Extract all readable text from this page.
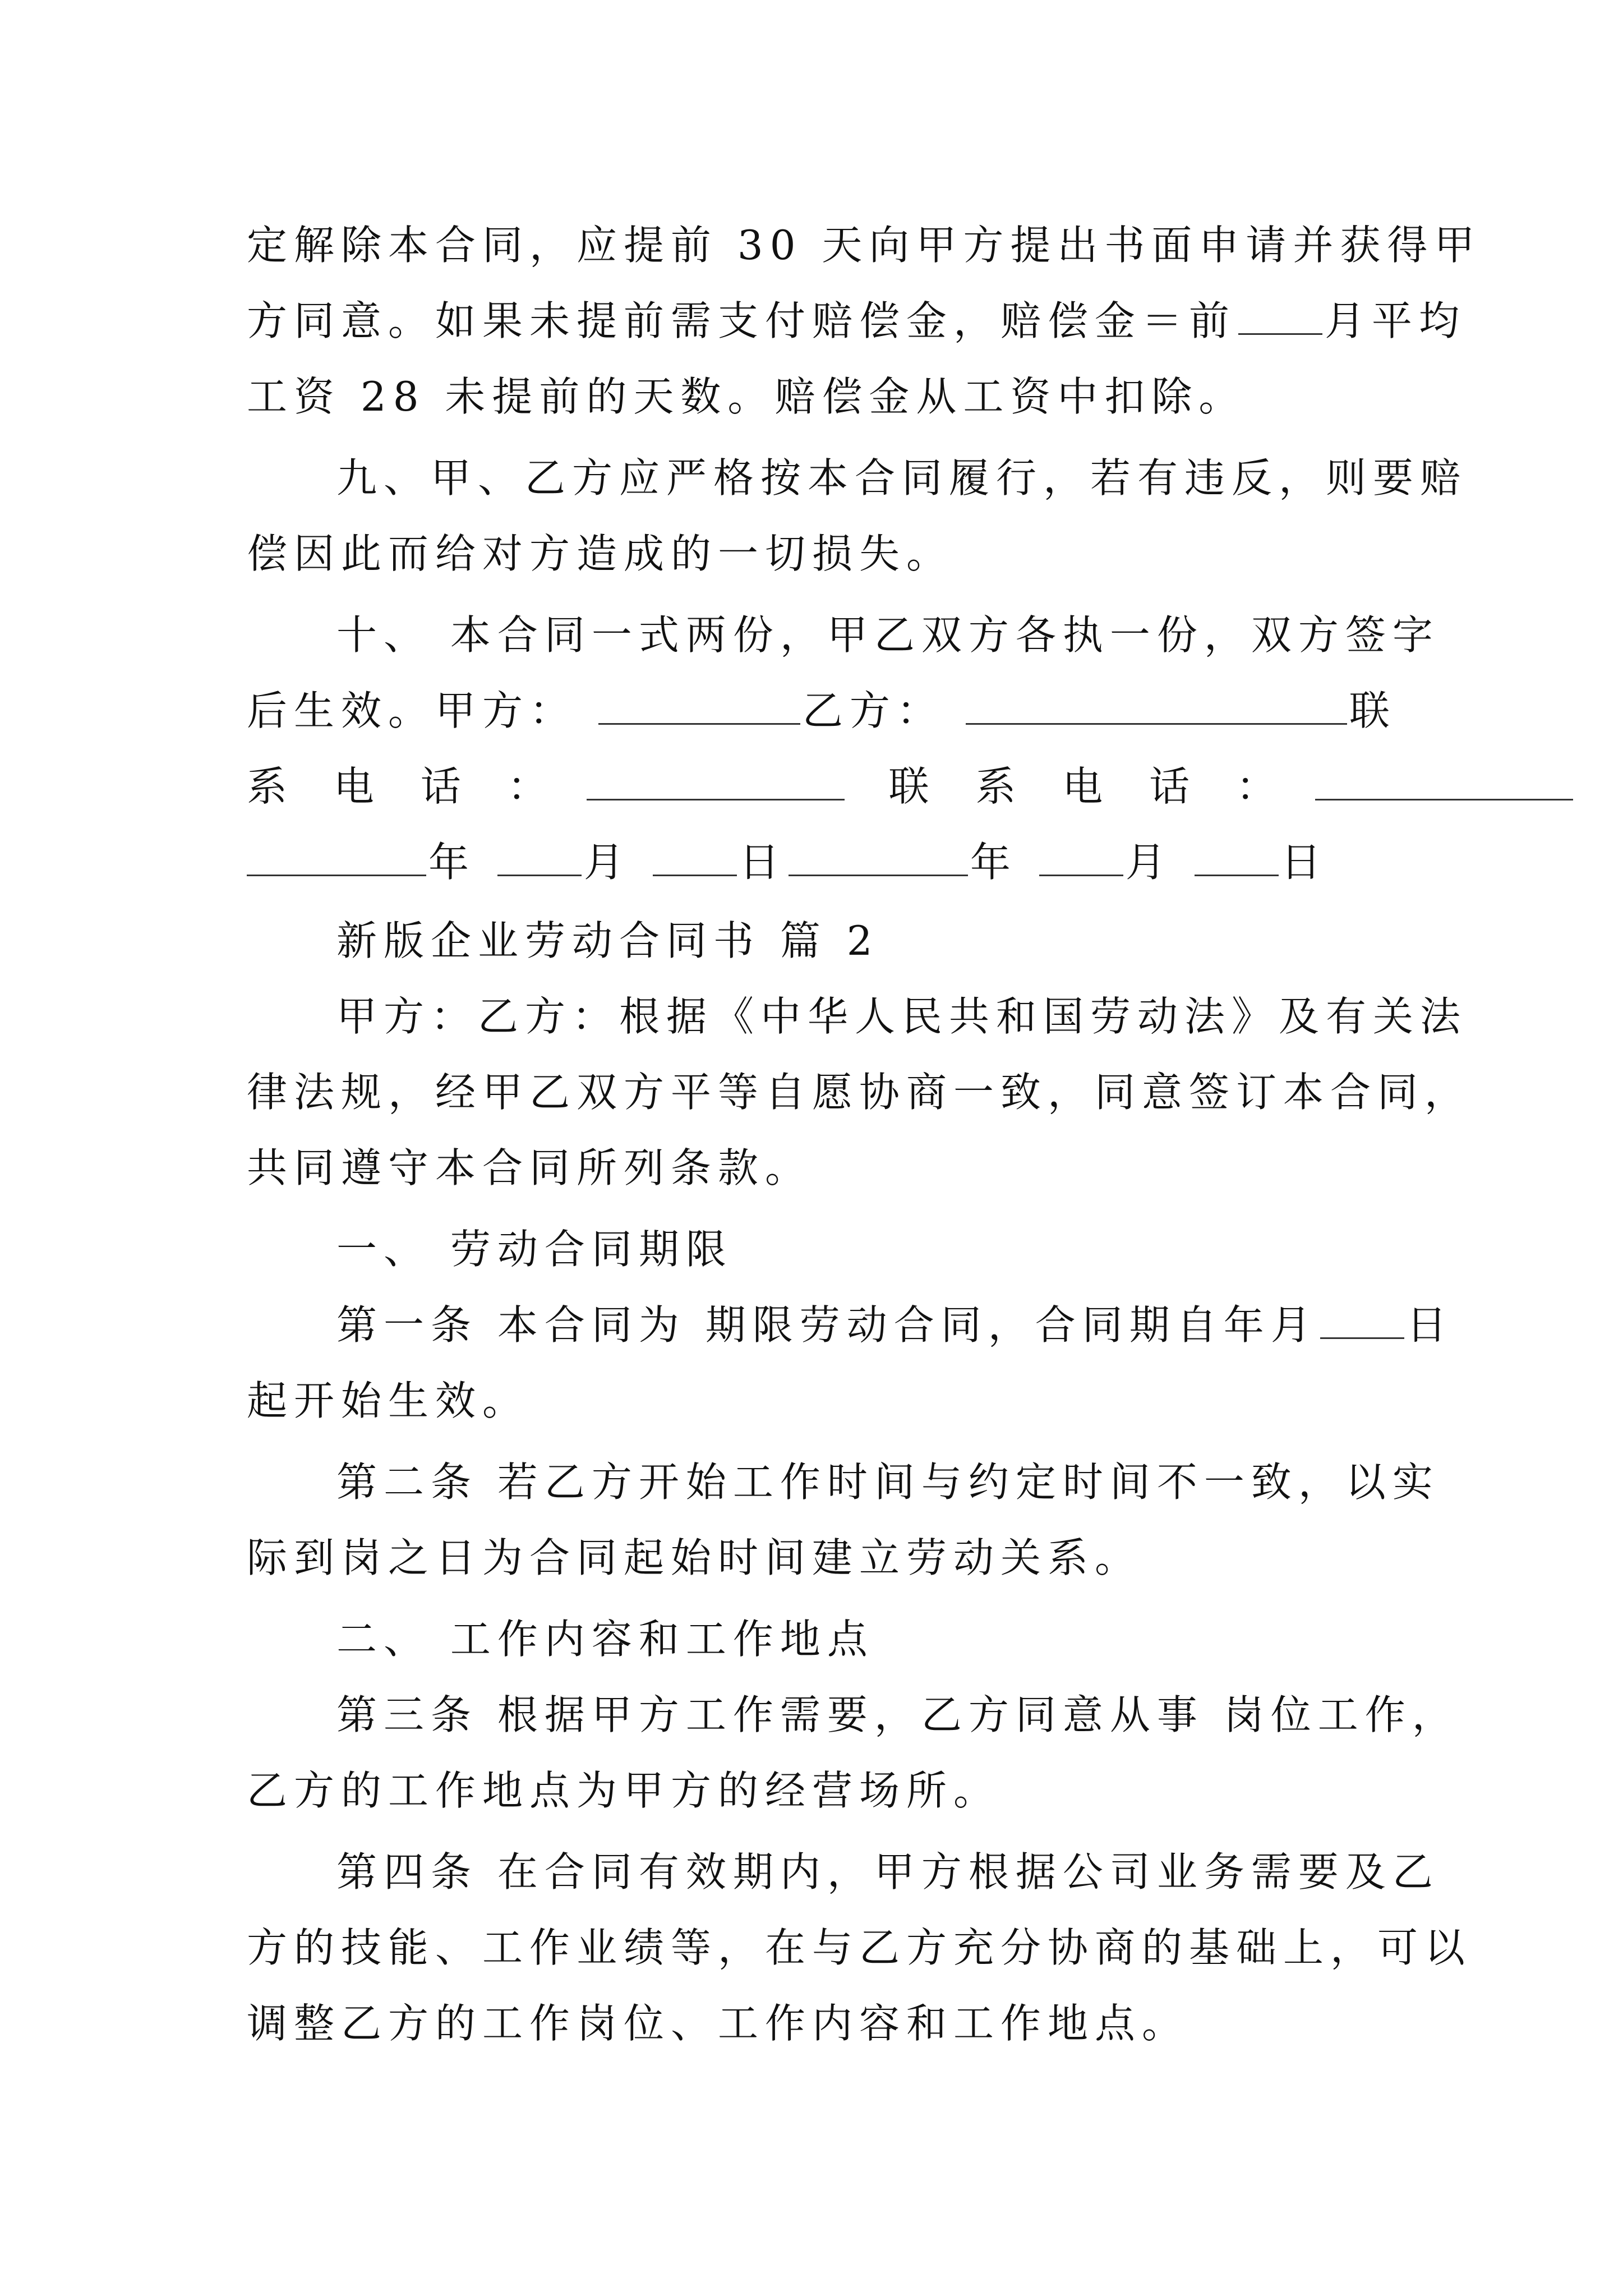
定解除本合同，应提前 30 天向甲方提出书面申请并获得甲
方同意。如果未提前需支付赔偿金，赔偿金＝前 月平均
工资 28 未提前的天数。赔偿金从工资中扣除。
九、甲、乙方应严格按本合同履行，若有违反，则要赔
偿因此而给对方造成的一切损失。
十、 本合同一式两份，甲乙双方各执一份，双方签字
后生效。甲方：	乙方：	联
系 电 话 ：	联 系 电 话 ：
年	月	日	年	月	日
新版企业劳动合同书 篇 2
甲方：乙方：根据《中华人民共和国劳动法》及有关法
律法规，经甲乙双方平等自愿协商一致，同意签订本合同，
共同遵守本合同所列条款。
一、 劳动合同期限
第一条 本合同为 期限劳动合同，合同期自年月 日
起开始生效。
第二条 若乙方开始工作时间与约定时间不一致，以实
际到岗之日为合同起始时间建立劳动关系。
二、 工作内容和工作地点
第三条 根据甲方工作需要，乙方同意从事 岗位工作，
乙方的工作地点为甲方的经营场所。
第四条 在合同有效期内，甲方根据公司业务需要及乙
方的技能、工作业绩等，在与乙方充分协商的基础上，可以
调整乙方的工作岗位、工作内容和工作地点。
